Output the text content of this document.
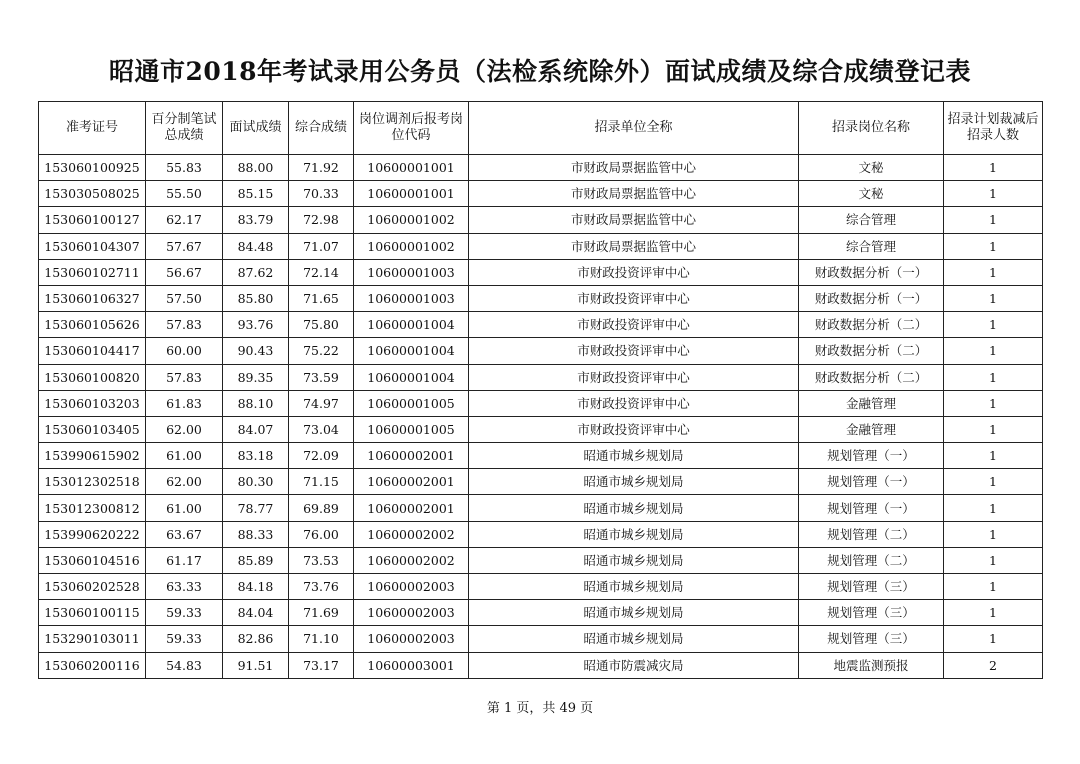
昭通市2018年考试录用公务员（法检系统除外）面试成绩及综合成绩登记表
准考证号	百分制笔试总成绩	面试成绩	综合成绩	岗位调剂后报考岗位代码	招录单位全称	招录岗位名称	招录计划裁减后招录人数
153060100925	55.83	88.00	71.92	10600001001	市财政局票据监管中心	文秘	1
153030508025	55.50	85.15	70.33	10600001001	市财政局票据监管中心	文秘	1
153060100127	62.17	83.79	72.98	10600001002	市财政局票据监管中心	综合管理	1
153060104307	57.67	84.48	71.07	10600001002	市财政局票据监管中心	综合管理	1
153060102711	56.67	87.62	72.14	10600001003	市财政投资评审中心	财政数据分析（一）	1
153060106327	57.50	85.80	71.65	10600001003	市财政投资评审中心	财政数据分析（一）	1
153060105626	57.83	93.76	75.80	10600001004	市财政投资评审中心	财政数据分析（二）	1
153060104417	60.00	90.43	75.22	10600001004	市财政投资评审中心	财政数据分析（二）	1
153060100820	57.83	89.35	73.59	10600001004	市财政投资评审中心	财政数据分析（二）	1
153060103203	61.83	88.10	74.97	10600001005	市财政投资评审中心	金融管理	1
153060103405	62.00	84.07	73.04	10600001005	市财政投资评审中心	金融管理	1
153990615902	61.00	83.18	72.09	10600002001	昭通市城乡规划局	规划管理（一）	1
153012302518	62.00	80.30	71.15	10600002001	昭通市城乡规划局	规划管理（一）	1
153012300812	61.00	78.77	69.89	10600002001	昭通市城乡规划局	规划管理（一）	1
153990620222	63.67	88.33	76.00	10600002002	昭通市城乡规划局	规划管理（二）	1
153060104516	61.17	85.89	73.53	10600002002	昭通市城乡规划局	规划管理（二）	1
153060202528	63.33	84.18	73.76	10600002003	昭通市城乡规划局	规划管理（三）	1
153060100115	59.33	84.04	71.69	10600002003	昭通市城乡规划局	规划管理（三）	1
153290103011	59.33	82.86	71.10	10600002003	昭通市城乡规划局	规划管理（三）	1
153060200116	54.83	91.51	73.17	10600003001	昭通市防震减灾局	地震监测预报	2
第 1 页，共 49 页
